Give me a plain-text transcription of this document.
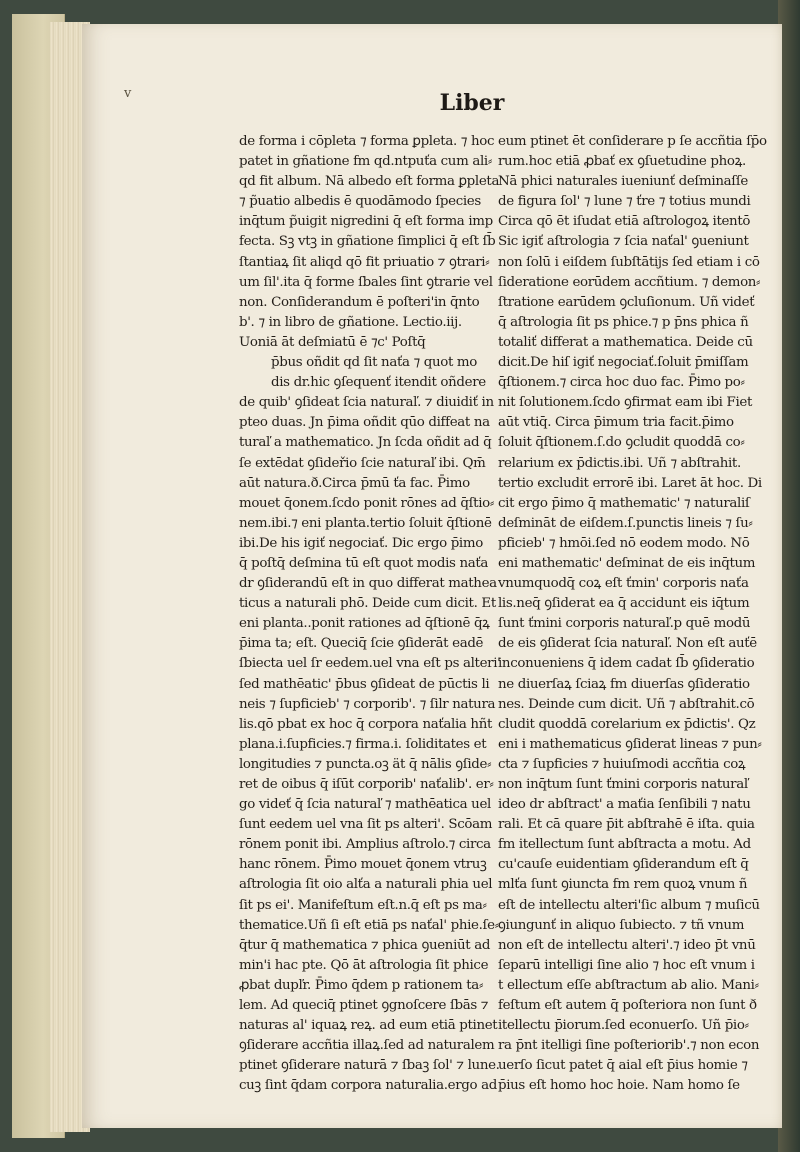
v	Liber
de forma i cōpleta ⁊ forma ꝑpleta. ⁊ hoc
patet in gñatione fm qd.ntpuťa cum ali⸗
qd fit album. Nā albedo eſt forma ꝑpleta
⁊ p̃uatio albedis ē quodāmodo ſpecies
inq̄tum p̃uigit nigredini q̄ eſt forma imp
fecta. Sꝫ vtꝫ in gñatione ſimplici q̄ eſt ſb̄
ſtantiaꝝ ſit aliqd qō fit priuatio ⁊ ꝯtrari⸗
um ſil'.ita q̄ forme ſbales ſint ꝯtrarie vel
non. Conſiderandum ē poſteri'in q̄nto
b'. ⁊ in libro de gñatione. Lectio.iij.
Uoniā āt deſmiatū ē ⁊c' Poſtq̄
p̄bus oñdit qd ſit naťa ⁊ quot mo
dis dr.hic ꝯſequenť itendit oñdere
de quib' ꝯſideat ſcia naturaľ. ⁊ diuidiť in
pteo duas. Jn p̄ima oñdit qūo diffeat na
turaľ a mathematico. Jn ſcda oñdit ad q̄
ſe extēdat ꝯſideřio ſcie naturaľ ibi. Qm̄
aūt natura.ð.Circa p̄mū ťa fac. P̄imo
mouet q̄onem.ſcdo ponit rōnes ad q̄ſtio⸗
nem.ibi.⁊ eni planta.tertio ſoluit q̄ſtionē
ibi.De his igiť negociať. Dic ergo p̄imo
q̄ poſtq̄ deſmina tū eſt quot modis naťa
dr ꝯſiderandū eſt in quo differat mathea
ticus a naturali phō. Deide cum dicit. Et
eni planta..ponit rationes ad q̄ſtionē q̄ꝝ
p̄ima ta; eſt. Queciq̄ ſcie ꝯſiderāt eadē
ſbiecta uel ſr eedem.uel vna eſt ps alteri'
ſed mathēatic' p̄bus ꝯſideat de pūctis li
neis ⁊ ſupficieb' ⁊ corporib'. ⁊ ſilr natura
lis.qō pbat ex hoc q̄ corpora naťalia hñt
plana.i.ſupficies.⁊ firma.i. ſoliditates et
longitudies ⁊ puncta.oꝫ ät q̄ nālis ꝯſide⸗
ret de oibus q̄ iſūt corporib' naťalib'. er⸗
go videť q̄ ſcia naturaľ ⁊ mathēatica uel
ſunt eedem uel vna ſit ps alteri'. Scōam
rōnem ponit ibi. Amplius aſtrolo.⁊ circa
hanc rōnem. P̄imo mouet q̄onem vtruꝫ
aſtrologia ſit oio alťa a naturali phia uel
ſit ps ei'. Manifeſtum eſt.n.q̄ eſt ps ma⸗
thematice.Uñ ſi eſt etiā ps naťal' phie.ſe⸗
q̄tur q̄ mathematica ⁊ phica ꝯueniūt ad
min'i hac pte. Qō āt aſtrologia ſit phice
ꝓbat dupľr. P̄imo q̄dem p rationem ta⸗
lem. Ad queciq̄ ptinet ꝯgnoſcere ſbās ⁊
naturas al' iquaꝝ reꝝ. ad eum etiā ptinet
ꝯſiderare accñtia illaꝝ.ſed ad naturalem
ptinet ꝯſiderare naturā ⁊ ſbaꝫ ſol' ⁊ lune.
cuꝫ ſint q̄dam corpora naturalia.ergo ad
eum ptinet ēt conſiderare p ſe accñtia ſp̄o
rum.hoc etiā ꝓbať ex ꝯſuetudine phoꝝ.
Nā phici naturales iueniunť deſminaſſe
de figura ſol' ⁊ lune ⁊ ťre ⁊ totius mundi
Circa qō ēt iſudat etiā aſtrologoꝝ itentō
Sic igiť aſtrologia ⁊ ſcia naťal' ꝯueniunt
non ſolū i eiſdem ſubſtātijs ſed etiam i cō
ſideratione eorūdem accñtium. ⁊ demon⸗
ſtratione earūdem ꝯcluſionum. Uñ videť
q̄ aſtrologia ſit ps phice.⁊ p p̄ns phica ñ
totaliť differat a mathematica. Deide cū
dicit.De hiſ igiť negociať.ſoluit p̄miſſam
q̄ſtionem.⁊ circa hoc duo fac. P̄imo po⸗
nit ſolutionem.ſcdo ꝯfirmat eam ibi Fiet
aūt vtiq̄. Circa p̄imum tria facit.p̄imo
ſoluit q̄ſtionem.ſ.do ꝯcludit quoddā co⸗
relarium ex p̄dictis.ibi. Uñ ⁊ abſtrahit.
tertio excludit errorē ibi. Laret āt hoc. Di
cit ergo p̄imo q̄ mathematic' ⁊ naturaliſ
deſmināt de eiſdem.ſ.punctis lineis ⁊ ſu⸗
pficieb' ⁊ hmōi.ſed nō eodem modo. Nō
eni mathematic' deſminat de eis inq̄tum
vnumquodq̄ coꝝ eſt ťmin' corporis naťa
lis.neq̄ ꝯſiderat ea q̄ accidunt eis iq̄tum
ſunt ťmini corporis naturaľ.p quē modū
de eis ꝯſiderat ſcia naturaľ. Non eſt auťē
inconueniens q̄ idem cadat ſb̄ ꝯſideratio
ne diuerſaꝝ ſciaꝝ fm diuerſas ꝯſideratio
nes. Deinde cum dicit. Uñ ⁊ abſtrahit.cō
cludit quoddā corelarium ex p̄dictis'. Qz
eni i mathematicus ꝯſiderat lineas ⁊ pun⸗
cta ⁊ ſupficies ⁊ huiuſmodi accñtia coꝝ
non inq̄tum ſunt ťmini corporis naturaľ
ideo dr abſtract' a maťia ſenſibili ⁊ natu
rali. Et cā quare p̄it abſtrahē ē iſta. quia
fm itellectum ſunt abſtracta a motu. Ad
cu'cauſe euidentiam ꝯſiderandum eſt q̄
mlťa ſunt ꝯiuncta fm rem quoꝝ vnum ñ
eſt de intellectu alteri'ſic album ⁊ muſicū
ꝯiungunť in aliquo ſubiecto. ⁊ tñ vnum
non eſt de intellectu alteri'.⁊ ideo p̄t vnū
ſeparū intelligi ſine alio ⁊ hoc eſt vnum i
t ellectum eſſe abſtractum ab alio. Mani⸗
feſtum eſt autem q̄ poſteriora non ſunt ð
itellectu p̄iorum.ſed econuerſo. Uñ p̄io⸗
ra p̄nt itelligi ſine poſteriorib'.⁊ non econ
uerſo ſicut patet q̄ aial eſt p̄ius homie ⁊
p̄ius eſt homo hoc hoie. Nam homo ſe
